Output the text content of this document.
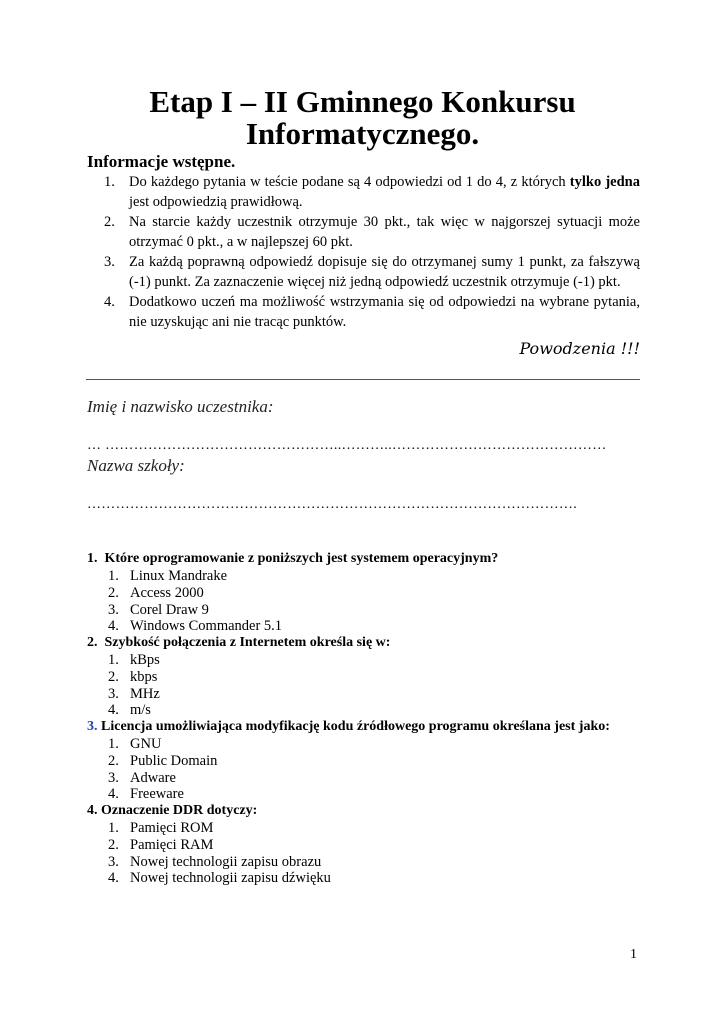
Etap I – II Gminnego Konkursu
Informatycznego.
Informacje wstępne.
1. Do każdego pytania w teście podane są 4 odpowiedzi od 1 do 4, z których tylko jedna jest odpowiedzią prawidłową.
2. Na starcie każdy uczestnik otrzymuje 30 pkt., tak więc w najgorszej sytuacji może otrzymać 0 pkt., a w najlepszej 60 pkt.
3. Za każdą poprawną odpowiedź dopisuje się do otrzymanej sumy 1 punkt, za fałszywą (-1) punkt. Za zaznaczenie więcej niż jedną odpowiedź uczestnik otrzymuje (-1) pkt.
4. Dodatkowo uczeń ma możliwość wstrzymania się od odpowiedzi na wybrane pytania, nie uzyskując ani nie tracąc punktów.
Powodzenia !!!
Imię i nazwisko uczestnika:
… …………………………………………..………..………………………………………
Nazwa szkoły:
………………………………………………………………………………………….
1. Które oprogramowanie z poniższych jest systemem operacyjnym?
1. Linux Mandrake
2. Access 2000
3. Corel Draw 9
4. Windows Commander 5.1
2. Szybkość połączenia z Internetem określa się w:
1. kBps
2. kbps
3. MHz
4. m/s
3. Licencja umożliwiająca modyfikację kodu źródłowego programu określana jest jako:
1. GNU
2. Public Domain
3. Adware
4. Freeware
4. Oznaczenie DDR dotyczy:
1. Pamięci ROM
2. Pamięci RAM
3. Nowej technologii zapisu obrazu
4. Nowej technologii zapisu dźwięku
1
